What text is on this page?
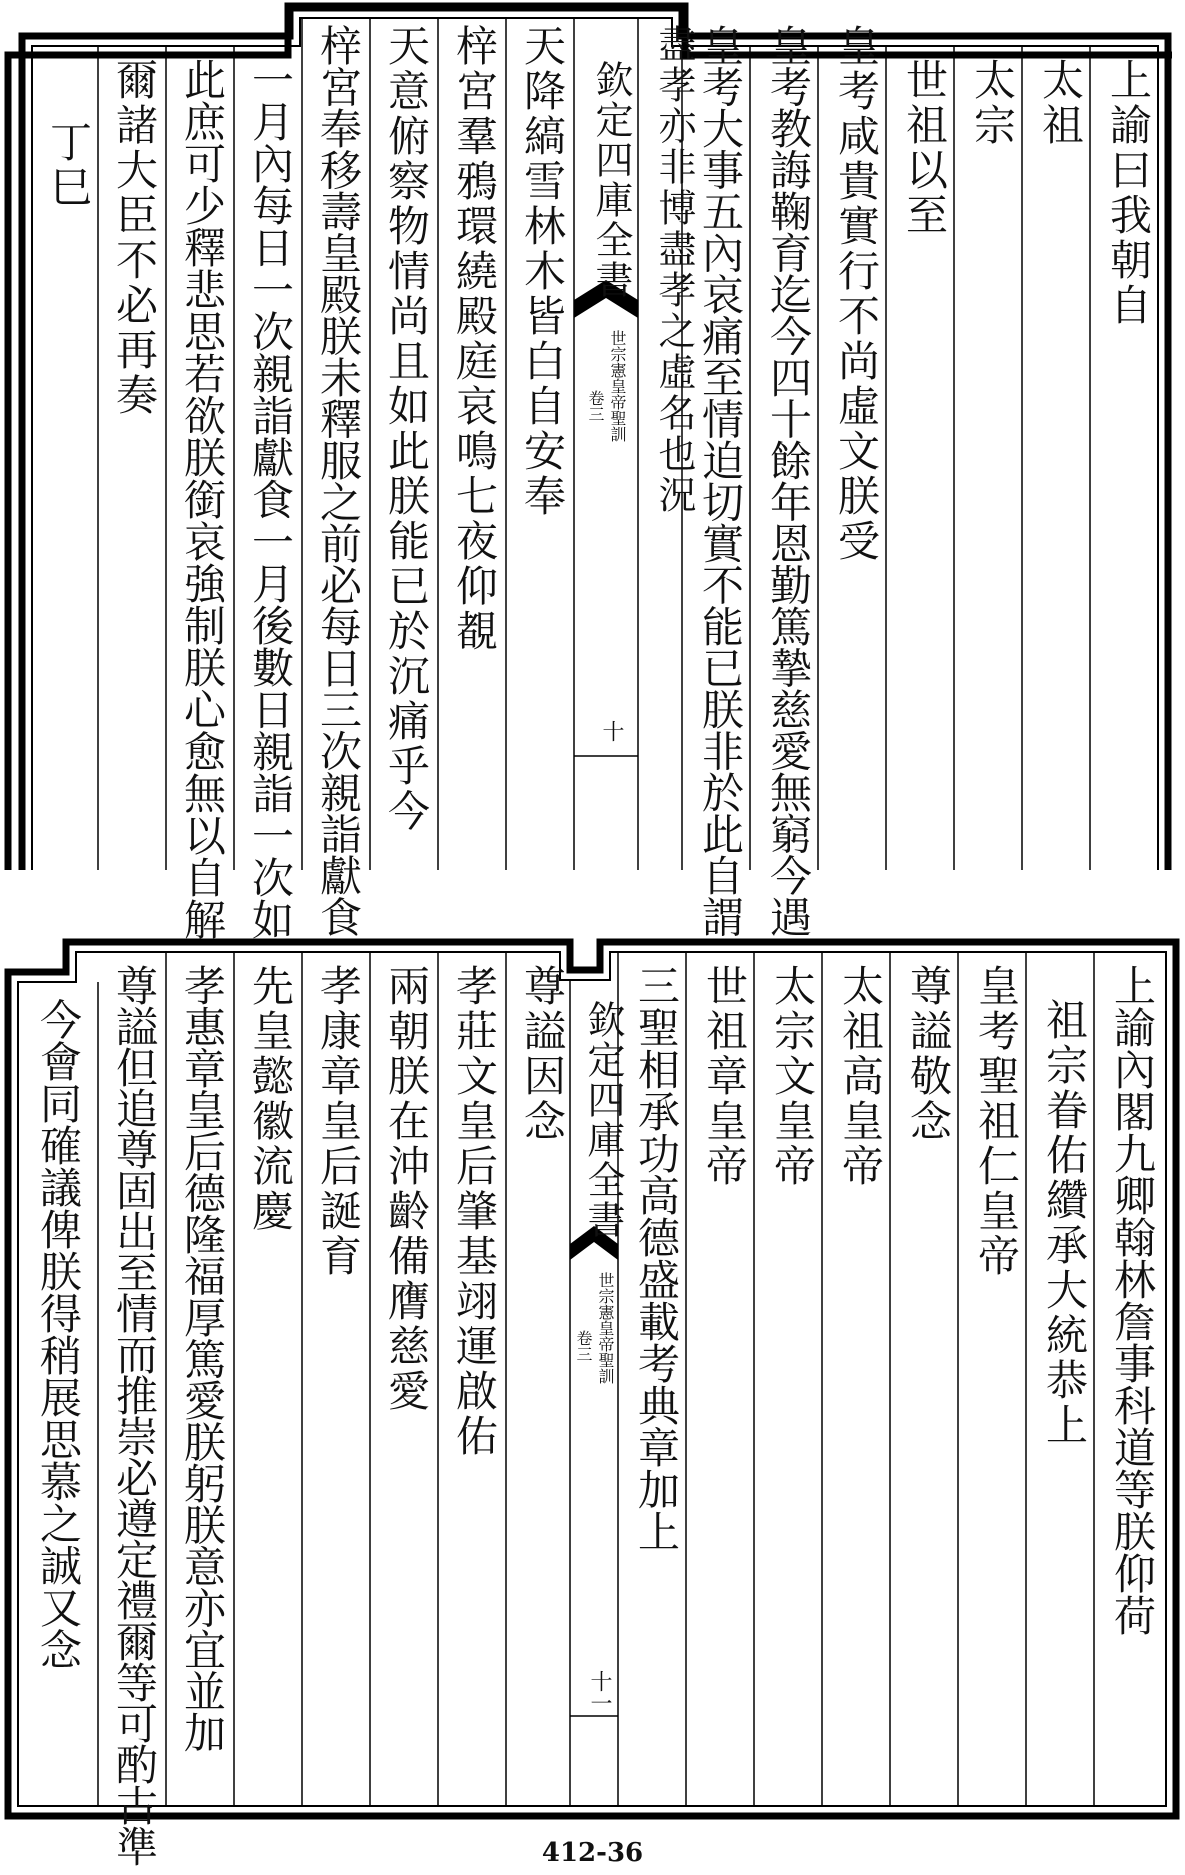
上諭曰我朝自
太祖
太宗
世祖以至
皇考咸貴實行不尚虛文朕受
皇考教誨鞠育迄今四十餘年恩勤篤摯慈愛無窮今遇
皇考大事五內哀痛至情迫切實不能已朕非於此自謂
盡孝亦非博盡孝之虛名也況
欽定四庫全書
世宗憲皇帝聖訓
卷三
十
天降縞雪林木皆白自安奉
梓宮羣鴉環繞殿庭哀鳴七夜仰覩
天意俯察物情尚且如此朕能已於沉痛乎今
梓宮奉移壽皇殿朕未釋服之前必每日三次親詣獻食
一月內每日一次親詣獻食一月後數日親詣一次如
此庶可少釋悲思若欲朕銜哀強制朕心愈無以自解
爾諸大臣不必再奏
丁巳
上諭內閣九卿翰林詹事科道等朕仰荷
祖宗眷佑纘承大統恭上
皇考聖祖仁皇帝
尊謚敬念
太祖高皇帝
太宗文皇帝
世祖章皇帝
三聖相承功高德盛載考典章加上
欽定四庫全書
世宗憲皇帝聖訓
卷三
十一
尊謚因念
孝莊文皇后肇基翊運啟佑
兩朝朕在沖齡備膺慈愛
孝康章皇后誕育
先皇懿徽流慶
孝惠章皇后德隆福厚篤愛朕躬朕意亦宜並加
尊謚但追尊固出至情而推崇必遵定禮爾等可酌古準
今會同確議俾朕得稍展思慕之誠又念
412-36
